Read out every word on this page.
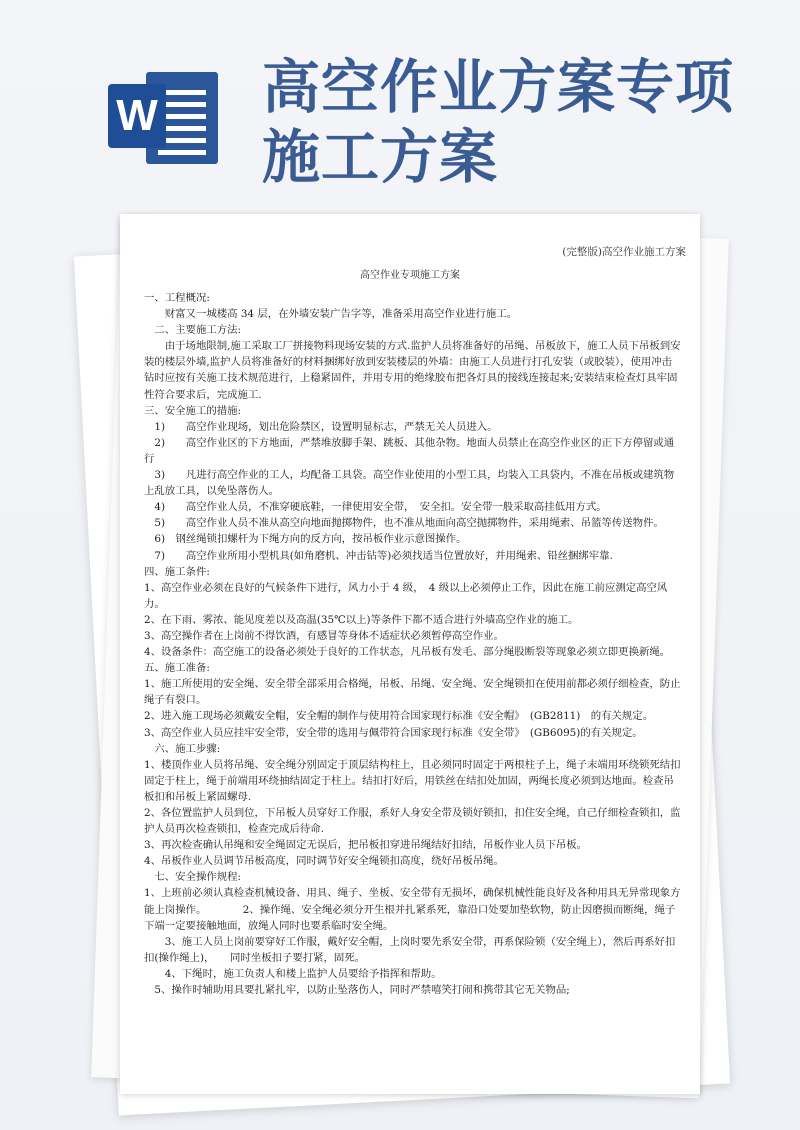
W 高空作业方案专项
施工方案
(完整版)高空作业施工方案
高空作业专项施工方案

一、工程概况:

　　财富又一城楼高 34 层，在外墙安装广告字等，准备采用高空作业进行施工。

　二、主要施工方法:

　　由于场地限制,施工采取工厂拼接物料现场安装的方式.监护人员将准备好的吊绳、吊板放下，施工人员下吊板到安装的楼层外墙,监护人员将准备好的材料捆绑好放到安装楼层的外墙：由施工人员进行打孔安装（或胶装），使用冲击钻时应按有关施工技术规范进行，上稳紧固件，并用专用的绝缘胶布把各灯具的接线连接起来;安装结束检查灯具牢固性符合要求后，完成施工.

三、安全施工的措施:

　1)　　高空作业现场，划出危险禁区，设置明显标志，严禁无关人员进入。

　2)　　高空作业区的下方地面，严禁堆放脚手架、跳板、其他杂物。地面人员禁止在高空作业区的正下方停留或通行

　3)　　凡进行高空作业的工人，均配备工具袋。高空作业使用的小型工具，均装入工具袋内，不准在吊板或建筑物上乱放工具，以免坠落伤人。

　4)　　高空作业人员，不准穿硬底鞋，一律使用安全带，　安全扣。安全带一般采取高挂低用方式。

　5)　　高空作业人员不准从高空向地面抛掷物件，也不准从地面向高空抛掷物件，采用绳索、吊篮等传送物件。

　6)　钢丝绳锁扣螺杆为下绳方向的反方向，按吊板作业示意图操作。

　7)　　高空作业所用小型机具(如角磨机、冲击钻等)必须找适当位置放好，并用绳索、铅丝捆绑牢靠.

四、施工条件:

1、高空作业必须在良好的气候条件下进行，风力小于 4 级，　4 级以上必须停止工作，因此在施工前应测定高空风力。

2、在下雨、雾浓、能见度差以及高温(35℃以上)等条件下都不适合进行外墙高空作业的施工。

3、高空操作者在上岗前不得饮酒，有感冒等身体不适症状必须暂停高空作业。

4、设备条件：高空施工的设备必须处于良好的工作状态，凡吊板有发毛、部分绳股断裂等现象必须立即更换新绳。

五、施工准备:

1、施工所使用的安全绳、安全带全部采用合格绳，吊板、吊绳、安全绳、安全绳锁扣在使用前都必须仔细检查，防止绳子有裂口。

2、进入施工现场必须戴安全帽，安全帽的制作与使用符合国家现行标准《安全帽》　(GB2811)　的有关规定。

3、高空作业人员应挂牢安全带，安全带的选用与佩带符合国家现行标准《安全带》　(GB6095)的有关规定。

　六、施工步骤:

1、楼顶作业人员将吊绳、安全绳分别固定于顶层结构柱上，且必须同时固定于两根柱子上，绳子末端用环绕锁死结扣固定于柱上，绳于前端用环绕抽结固定于柱上。结扣打好后，用铁丝在结扣处加固，两绳长度必须到达地面。检查吊板扣和吊板上紧固螺母.

2、各位置监护人员到位，下吊板人员穿好工作服，系好人身安全带及锁好锁扣，扣住安全绳，自己仔细检查锁扣，监护人员再次检查锁扣，检查完成后待命.

3、再次检查确认吊绳和安全绳固定无误后，把吊板扣穿进吊绳结好扣结，吊板作业人员下吊板。

4、吊板作业人员调节吊板高度，同时调节好安全绳锁扣高度，绕好吊板吊绳。

　七、安全操作规程:

1、上班前必须认真检查机械设备、用具、绳子、坐板、安全带有无损坏，确保机械性能良好及各种用具无异常现象方能上岗操作。　　　　2、操作绳、安全绳必须分开生根并扎紧系死，靠沿口处要加垫软物，防止因磨损而断绳，绳子下端一定要接触地面，放绳人同时也要系临时安全绳。

　　3、施工人员上岗前要穿好工作服，戴好安全帽，上岗时要先系安全带，再系保险锁（安全绳上），然后再系好扣扣(操作绳上)，　　同时坐板扣子要打紧，固死。

　　4、下绳时，施工负责人和楼上监护人员要给予指挥和帮助。

　5、操作时辅助用具要扎紧扎牢，以防止坠落伤人，同时严禁嘻笑打闹和携带其它无关物品;
